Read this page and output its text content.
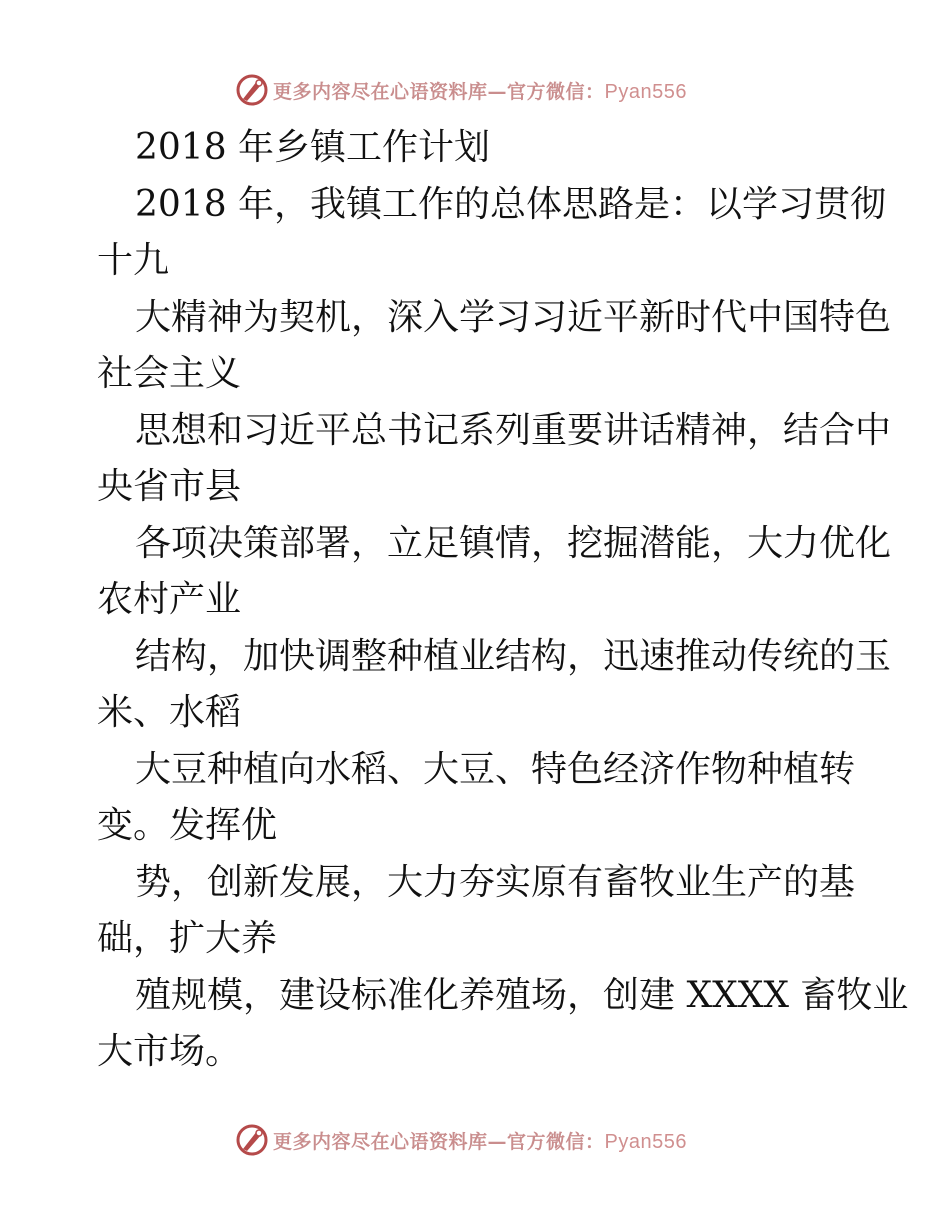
更多内容尽在心语资料库—官方微信：Pyan556
2018 年乡镇工作计划
2018 年，我镇工作的总体思路是：以学习贯彻
十九
大精神为契机，深入学习习近平新时代中国特色
社会主义
思想和习近平总书记系列重要讲话精神，结合中
央省市县
各项决策部署，立足镇情，挖掘潜能，大力优化
农村产业
结构，加快调整种植业结构，迅速推动传统的玉
米、水稻
大豆种植向水稻、大豆、特色经济作物种植转
变。发挥优
势，创新发展，大力夯实原有畜牧业生产的基
础，扩大养
殖规模，建设标准化养殖场，创建 XXXX 畜牧业
大市场。
更多内容尽在心语资料库—官方微信：Pyan556
